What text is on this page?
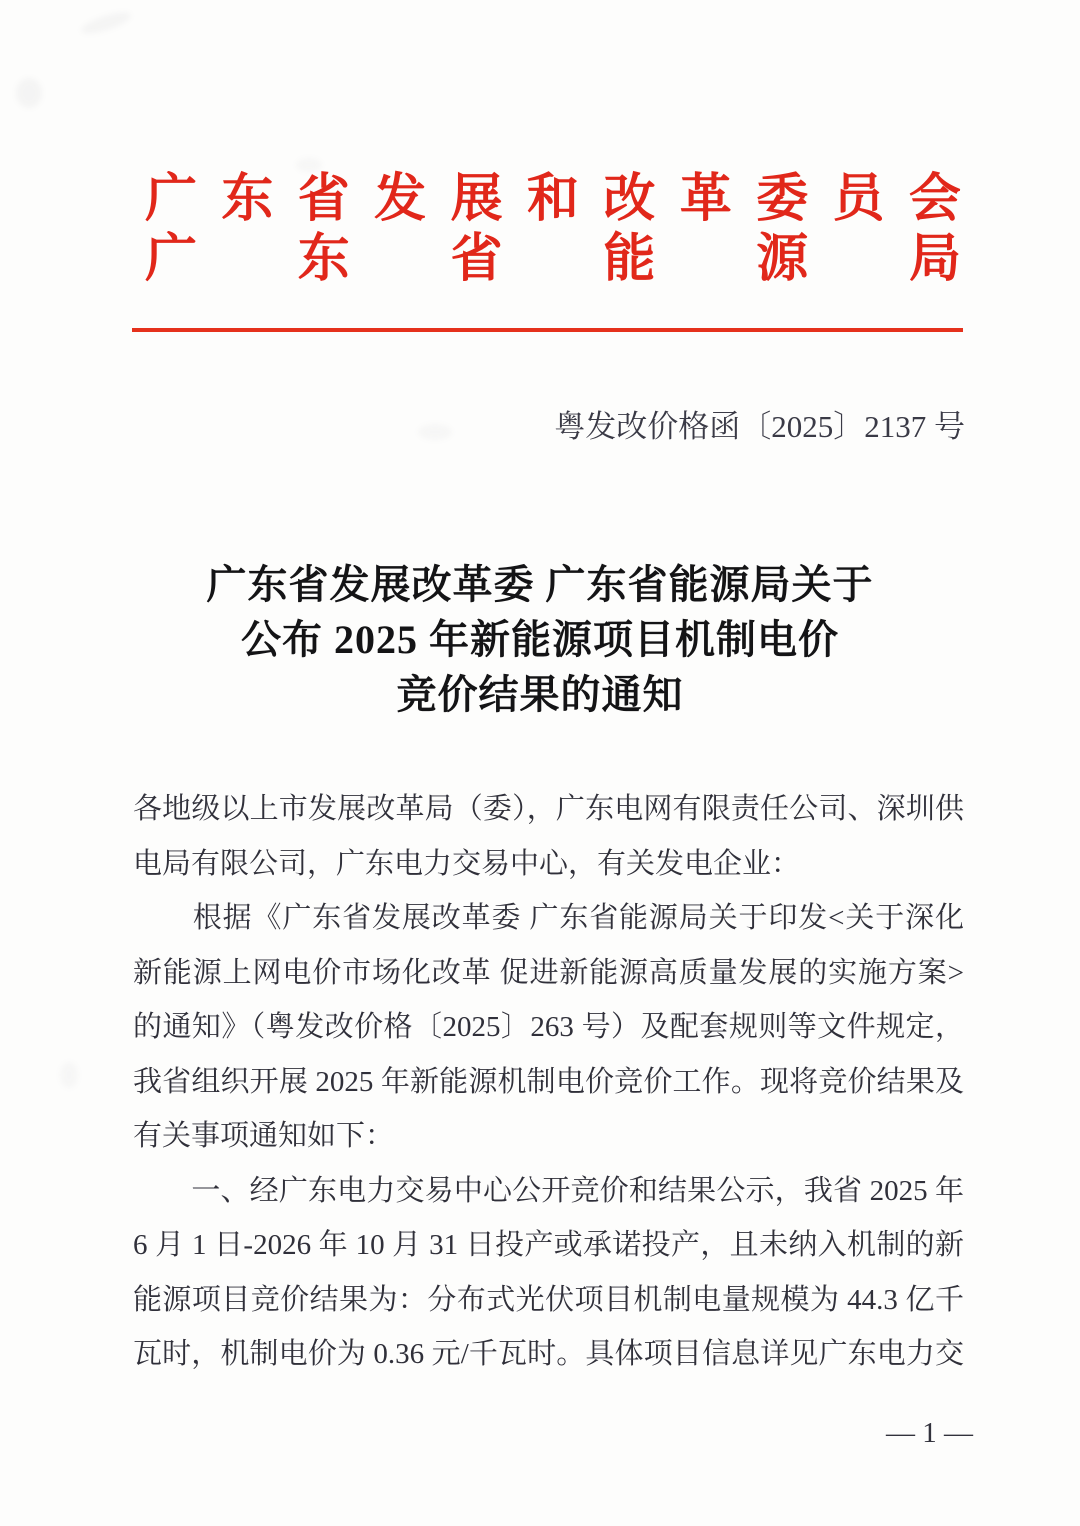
广 东 省 发 展 和 改 革 委 员 会
广 东 省 能 源 局
粤发改价格函〔2025〕2137 号
广东省发展改革委 广东省能源局关于
公布 2025 年新能源项目机制电价
竞价结果的通知
各地级以上市发展改革局（委），广东电网有限责任公司、深圳供
电局有限公司，广东电力交易中心，有关发电企业：
　　根据《广东省发展改革委 广东省能源局关于印发<关于深化
新能源上网电价市场化改革 促进新能源高质量发展的实施方案>
的通知》（粤发改价格〔2025〕263 号）及配套规则等文件规定，
我省组织开展 2025 年新能源机制电价竞价工作。现将竞价结果及
有关事项通知如下：
　　一、经广东电力交易中心公开竞价和结果公示，我省 2025 年
6 月 1 日-2026 年 10 月 31 日投产或承诺投产，且未纳入机制的新
能源项目竞价结果为：分布式光伏项目机制电量规模为 44.3 亿千
瓦时，机制电价为 0.36 元/千瓦时。具体项目信息详见广东电力交
— 1 —
